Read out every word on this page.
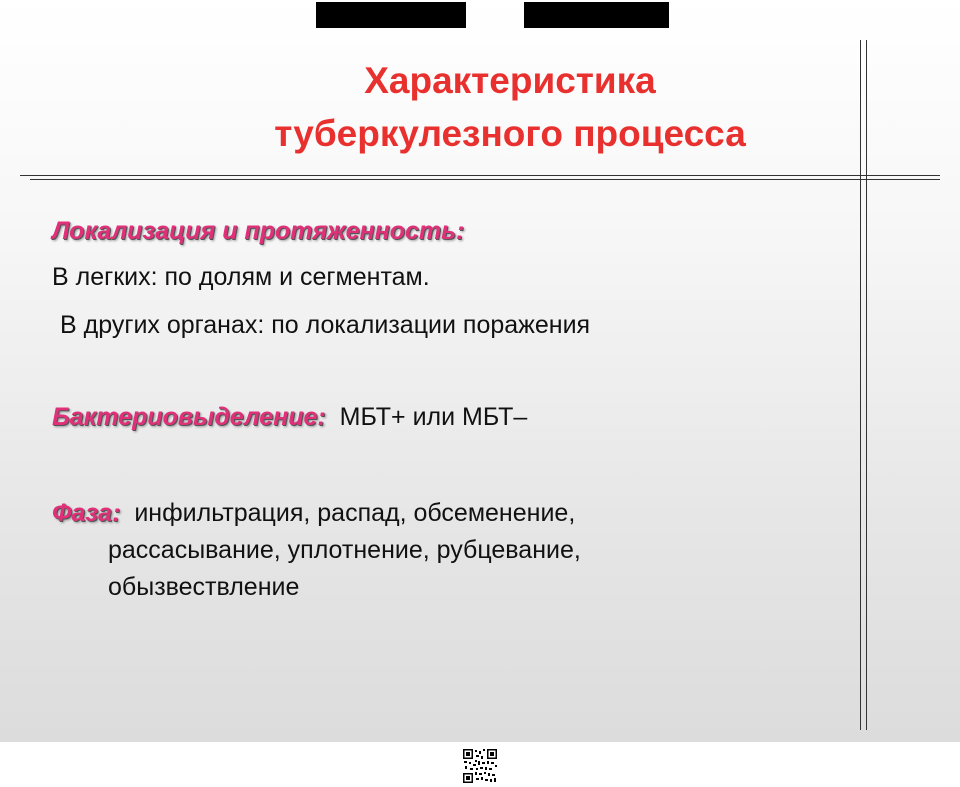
Характеристика
туберкулезного процесса
Локализация и протяженность:
В легких: по долям и сегментам.
В других органах: по локализации поражения
Бактериовыделение: МБТ+ или МБТ–
Фаза: инфильтрация, распад, обсеменение,
рассасывание, уплотнение, рубцевание,
обызвествление
